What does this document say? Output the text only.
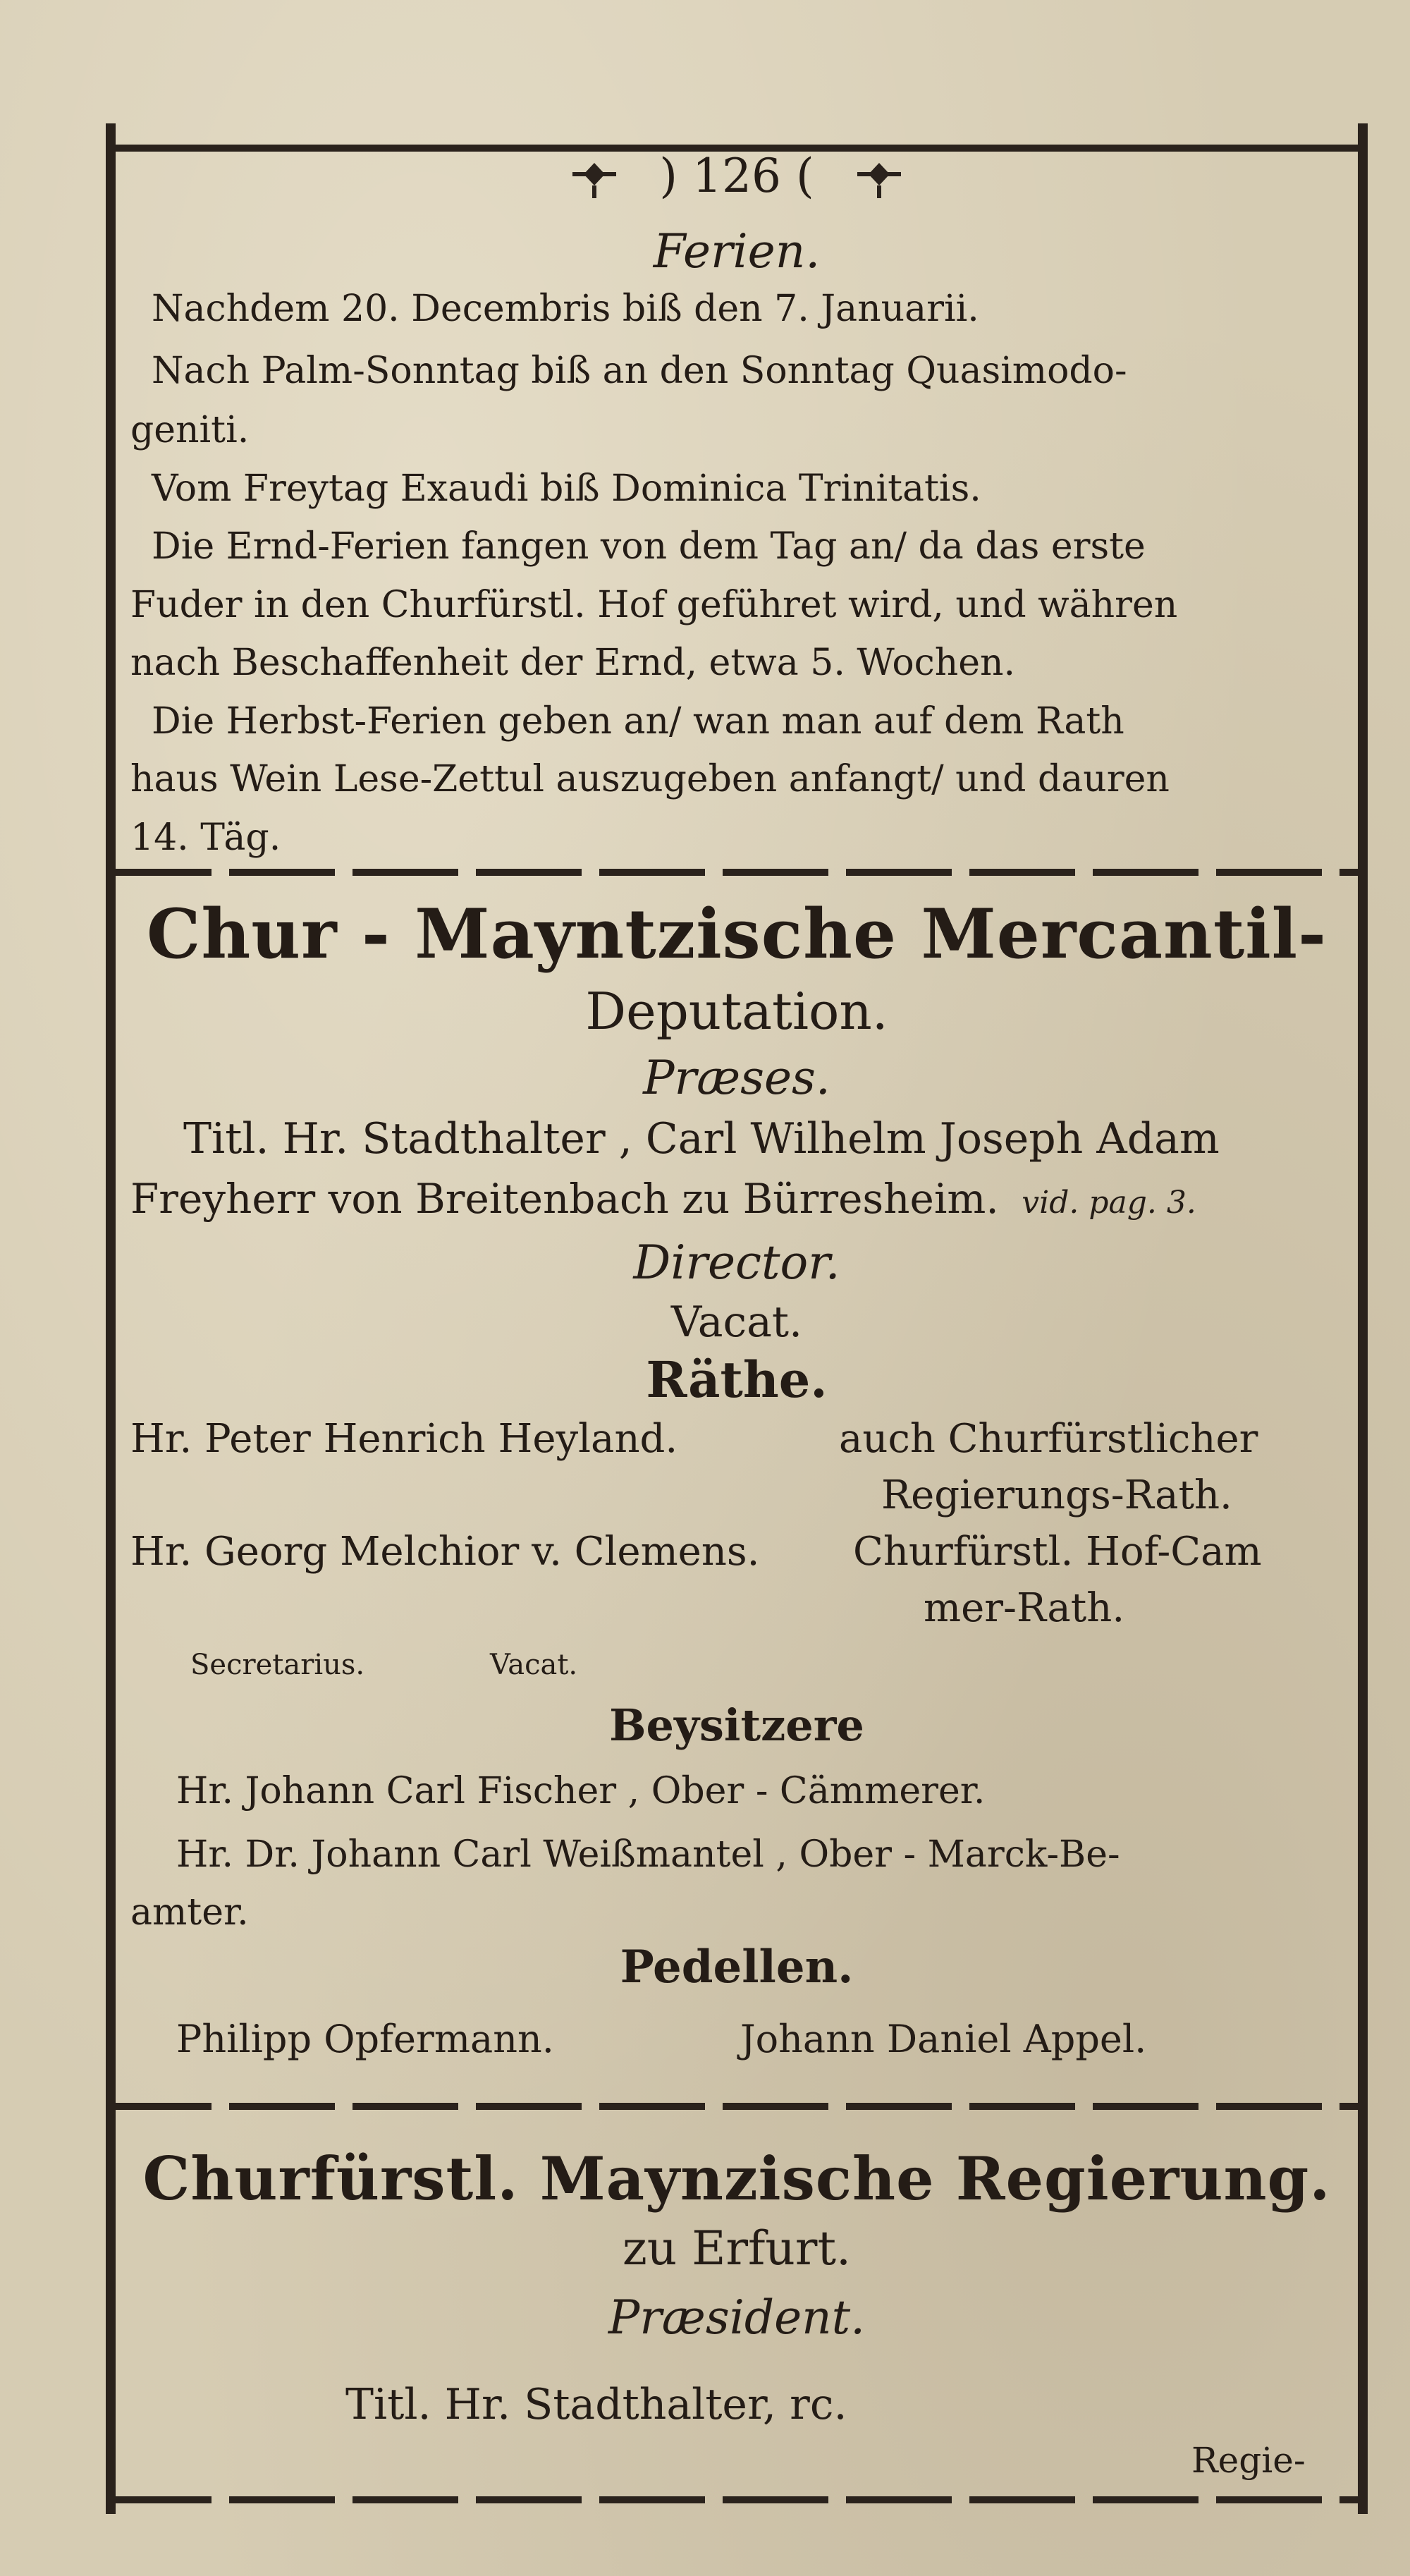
) 126 (
Ferien.
Nachdem 20. Decembris biß den 7. Januarii.
Nach Palm-Sonntag biß an den Sonntag Quasimodo-
geniti.
Vom Freytag Exaudi biß Dominica Trinitatis.
Die Ernd-Ferien fangen von dem Tag an/ da das erste
Fuder in den Churfürstl. Hof geführet wird, und währen
nach Beschaffenheit der Ernd, etwa 5. Wochen.
Die Herbst-Ferien geben an/ wan man auf dem Rath
haus Wein Lese-Zettul auszugeben anfangt/ und dauren
14. Täg.
Chur - Mayntzische Mercantil-
Deputation.
Præses.
Titl. Hr. Stadthalter , Carl Wilhelm Joseph Adam
Freyherr von Breitenbach zu Bürresheim. vid. pag. 3.
Director.
Vacat.
Räthe.
Hr. Peter Henrich Heyland.	auch Churfürstlicher
Regierungs-Rath.
Hr. Georg Melchior v. Clemens. Churfürstl. Hof-Cam
mer-Rath.
Secretarius.	Vacat.
Beysitzere
Hr. Johann Carl Fischer , Ober - Cämmerer.
Hr. Dr. Johann Carl Weißmantel , Ober - Marck-Be-
amter.
Pedellen.
Philipp Opfermann.	Johann Daniel Appel.
Churfürstl. Maynzische Regierung.
zu Erfurt.
Præsident.
Titl. Hr. Stadthalter, rc.
Regie-
